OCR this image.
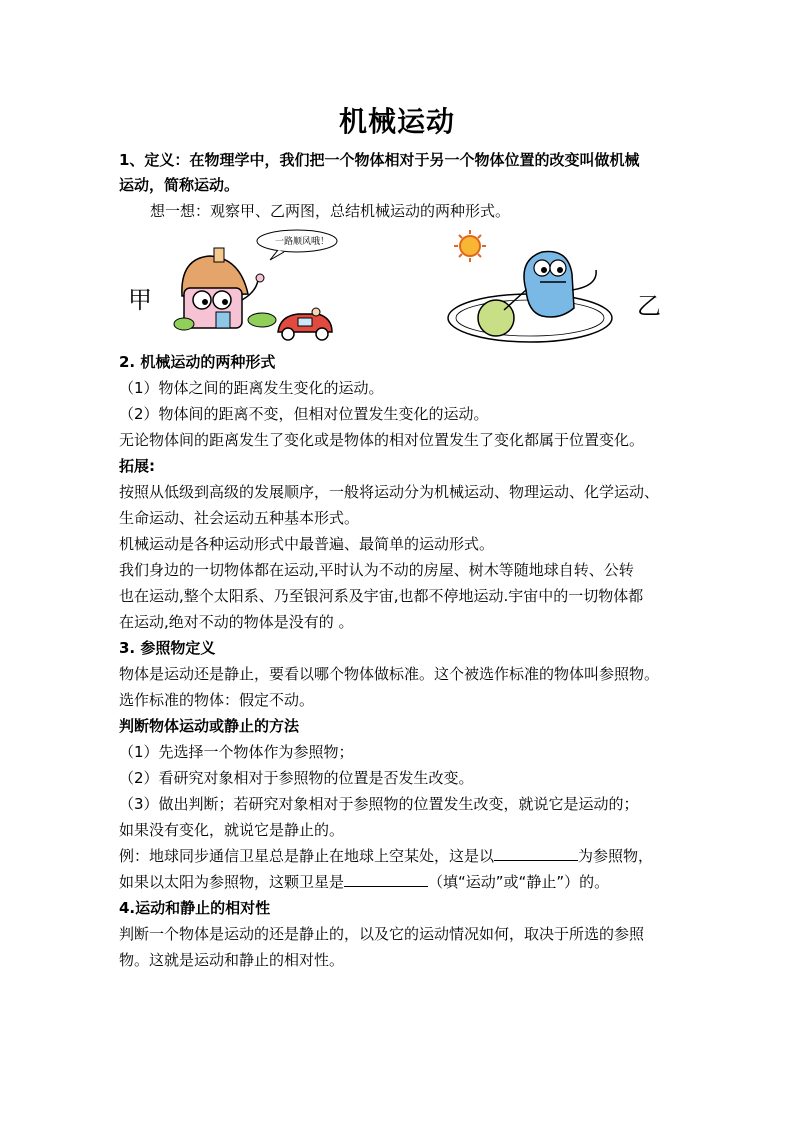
机械运动
1、定义：在物理学中，我们把一个物体相对于另一个物体位置的改变叫做机械
运动，简称运动。
想一想：观察甲、乙两图，总结机械运动的两种形式。
甲
一路顺风哦！
乙
2. 机械运动的两种形式
（1）物体之间的距离发生变化的运动。
（2）物体间的距离不变，但相对位置发生变化的运动。
无论物体间的距离发生了变化或是物体的相对位置发生了变化都属于位置变化。
拓展:
按照从低级到高级的发展顺序，一般将运动分为机械运动、物理运动、化学运动、
生命运动、社会运动五种基本形式。
机械运动是各种运动形式中最普遍、最简单的运动形式。
我们身边的一切物体都在运动,平时认为不动的房屋、树木等随地球自转、公转
也在运动,整个太阳系、乃至银河系及宇宙,也都不停地运动.宇宙中的一切物体都
在运动,绝对不动的物体是没有的 。
3. 参照物定义
物体是运动还是静止，要看以哪个物体做标准。这个被选作标准的物体叫参照物。
选作标准的物体：假定不动。
判断物体运动或静止的方法
（1）先选择一个物体作为参照物；
（2）看研究对象相对于参照物的位置是否发生改变。
（3）做出判断；若研究对象相对于参照物的位置发生改变，就说它是运动的；
如果没有变化，就说它是静止的。
例：地球同步通信卫星总是静止在地球上空某处，这是以	为参照物，
如果以太阳为参照物，这颗卫星是	（填“运动”或“静止”）的。
4.运动和静止的相对性
判断一个物体是运动的还是静止的，以及它的运动情况如何，取决于所选的参照
物。这就是运动和静止的相对性。
